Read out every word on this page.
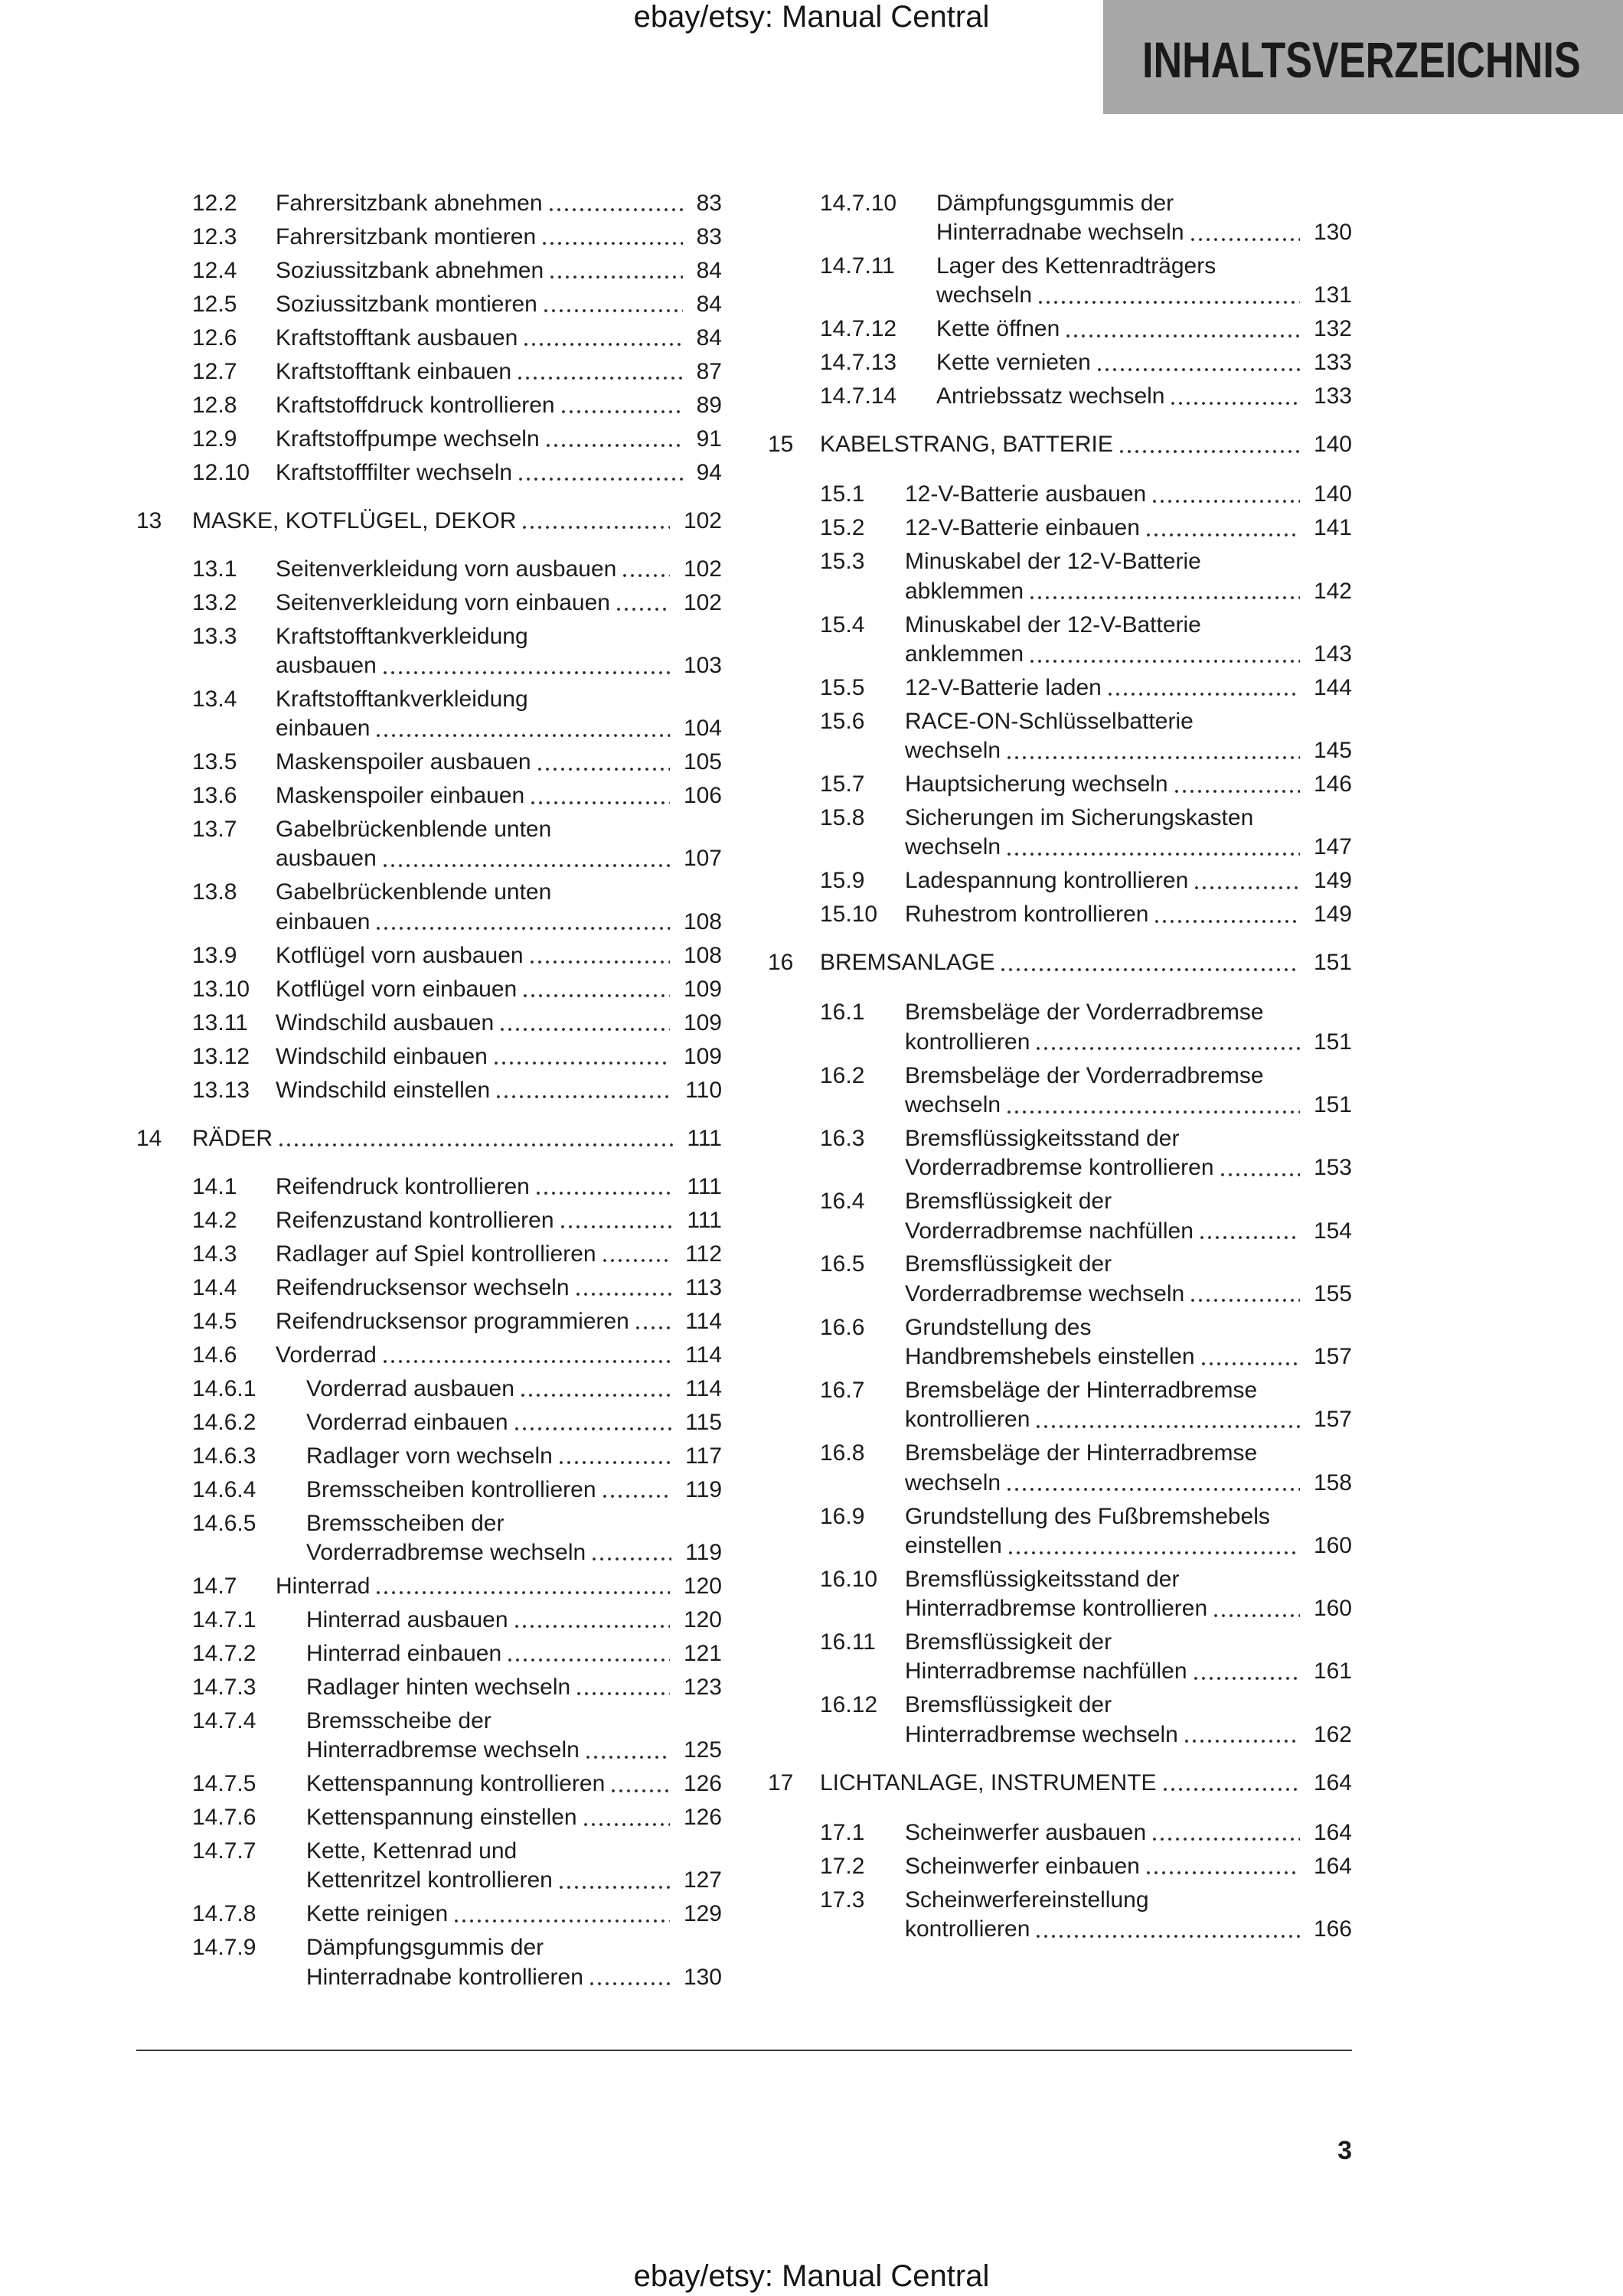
ebay/etsy: Manual Central
INHALTSVERZEICHNIS
12.2 Fahrersitzbank abnehmen	83
12.3 Fahrersitzbank montieren	83
12.4 Soziussitzbank abnehmen	84
12.5 Soziussitzbank montieren	84
12.6 Kraftstofftank ausbauen	84
12.7 Kraftstofftank einbauen	87
12.8 Kraftstoffdruck kontrollieren	89
12.9 Kraftstoffpumpe wechseln	91
12.10 Kraftstofffilter wechseln	94
13 MASKE, KOTFLÜGEL, DEKOR	102
13.1 Seitenverkleidung vorn ausbauen	102
13.2 Seitenverkleidung vorn einbauen	102
13.3 Kraftstofftankverkleidung
ausbauen	103
13.4 Kraftstofftankverkleidung
einbauen	104
13.5 Maskenspoiler ausbauen	105
13.6 Maskenspoiler einbauen	106
13.7 Gabelbrückenblende unten
ausbauen	107
13.8 Gabelbrückenblende unten
einbauen	108
13.9 Kotflügel vorn ausbauen	108
13.10 Kotflügel vorn einbauen	109
13.11 Windschild ausbauen	109
13.12 Windschild einbauen	109
13.13 Windschild einstellen	110
14 RÄDER	111
14.1 Reifendruck kontrollieren	111
14.2 Reifenzustand kontrollieren	111
14.3 Radlager auf Spiel kontrollieren	112
14.4 Reifendrucksensor wechseln	113
14.5 Reifendrucksensor programmieren 114
14.6 Vorderrad	114
14.6.1 Vorderrad ausbauen	114
14.6.2 Vorderrad einbauen	115
14.6.3 Radlager vorn wechseln	117
14.6.4 Bremsscheiben kontrollieren	119
14.6.5 Bremsscheiben der
Vorderradbremse wechseln	119
14.7 Hinterrad	120
14.7.1 Hinterrad ausbauen	120
14.7.2 Hinterrad einbauen	121
14.7.3 Radlager hinten wechseln	123
14.7.4 Bremsscheibe der
Hinterradbremse wechseln	125
14.7.5 Kettenspannung kontrollieren	126
14.7.6 Kettenspannung einstellen	126
14.7.7 Kette, Kettenrad und
Kettenritzel kontrollieren	127
14.7.8 Kette reinigen	129
14.7.9 Dämpfungsgummis der
Hinterradnabe kontrollieren	130
14.7.10 Dämpfungsgummis der
Hinterradnabe wechseln	130
14.7.11 Lager des Kettenradträgers
wechseln	131
14.7.12 Kette öffnen	132
14.7.13 Kette vernieten	133
14.7.14 Antriebssatz wechseln	133
15 KABELSTRANG, BATTERIE	140
15.1 12-V-Batterie ausbauen	140
15.2 12-V-Batterie einbauen	141
15.3 Minuskabel der 12-V-Batterie
abklemmen	142
15.4 Minuskabel der 12-V-Batterie
anklemmen	143
15.5 12-V-Batterie laden	144
15.6 RACE-ON-Schlüsselbatterie
wechseln	145
15.7 Hauptsicherung wechseln	146
15.8 Sicherungen im Sicherungskasten
wechseln	147
15.9 Ladespannung kontrollieren	149
15.10 Ruhestrom kontrollieren	149
16 BREMSANLAGE	151
16.1 Bremsbeläge der Vorderradbremse
kontrollieren	151
16.2 Bremsbeläge der Vorderradbremse
wechseln	151
16.3 Bremsflüssigkeitsstand der
Vorderradbremse kontrollieren	153
16.4 Bremsflüssigkeit der
Vorderradbremse nachfüllen	154
16.5 Bremsflüssigkeit der
Vorderradbremse wechseln	155
16.6 Grundstellung des
Handbremshebels einstellen	157
16.7 Bremsbeläge der Hinterradbremse
kontrollieren	157
16.8 Bremsbeläge der Hinterradbremse
wechseln	158
16.9 Grundstellung des Fußbremshebels
einstellen	160
16.10 Bremsflüssigkeitsstand der
Hinterradbremse kontrollieren	160
16.11 Bremsflüssigkeit der
Hinterradbremse nachfüllen	161
16.12 Bremsflüssigkeit der
Hinterradbremse wechseln	162
17 LICHTANLAGE, INSTRUMENTE	164
17.1 Scheinwerfer ausbauen	164
17.2 Scheinwerfer einbauen	164
17.3 Scheinwerfereinstellung
kontrollieren	166
3
ebay/etsy: Manual Central
